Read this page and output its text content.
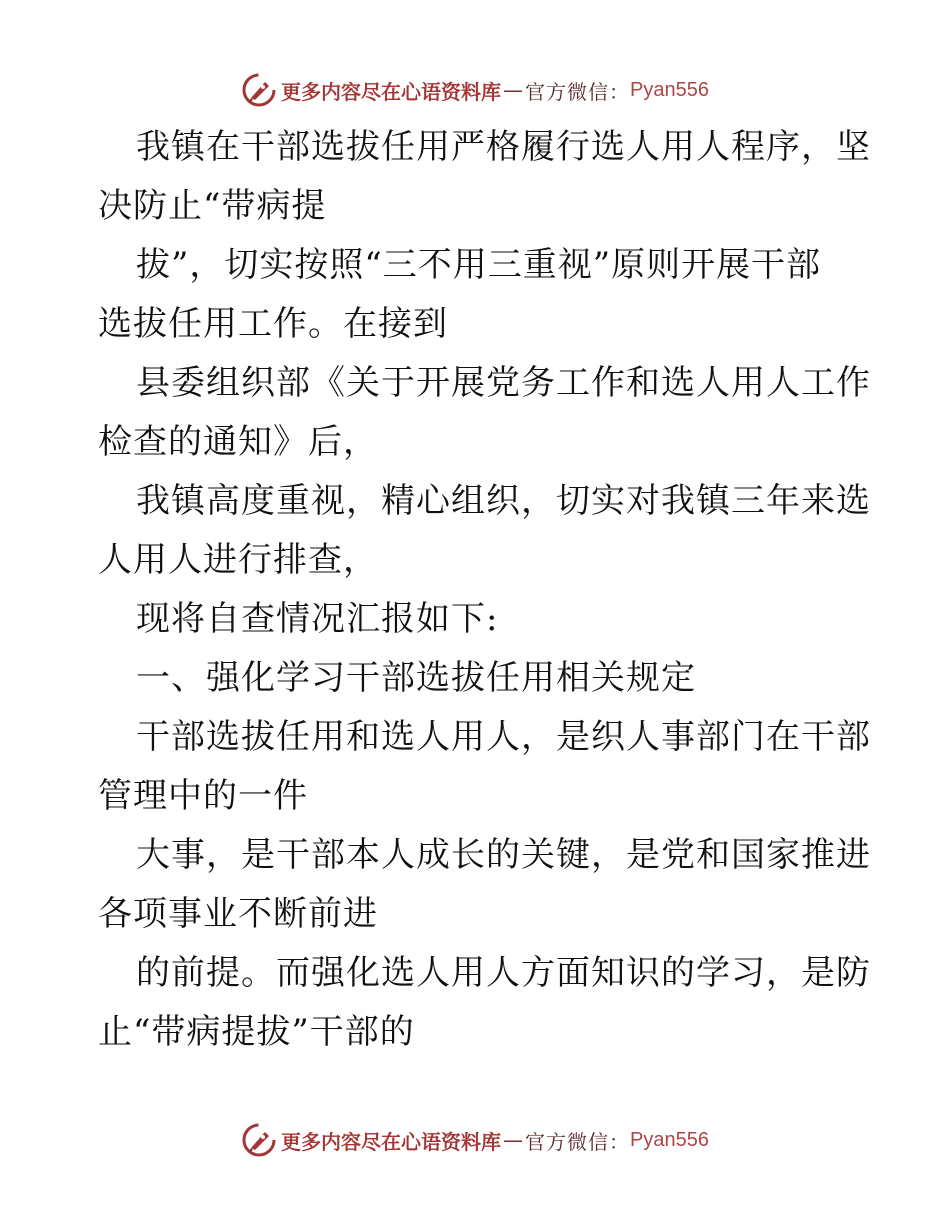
更多内容尽在心语资料库 — 官方微信： Pyan556
我镇在干部选拔任用严格履行选人用人程序，坚
决防止“带病提
拔”，切实按照“三不用三重视”原则开展干部
选拔任用工作。在接到
县委组织部《关于开展党务工作和选人用人工作
检查的通知》后，
我镇高度重视，精心组织，切实对我镇三年来选
人用人进行排查，
现将自查情况汇报如下:
一、强化学习干部选拔任用相关规定
干部选拔任用和选人用人，是织人事部门在干部
管理中的一件
大事，是干部本人成长的关键，是党和国家推进
各项事业不断前进
的前提。而强化选人用人方面知识的学习，是防
止“带病提拔”干部的
更多内容尽在心语资料库 — 官方微信： Pyan556
